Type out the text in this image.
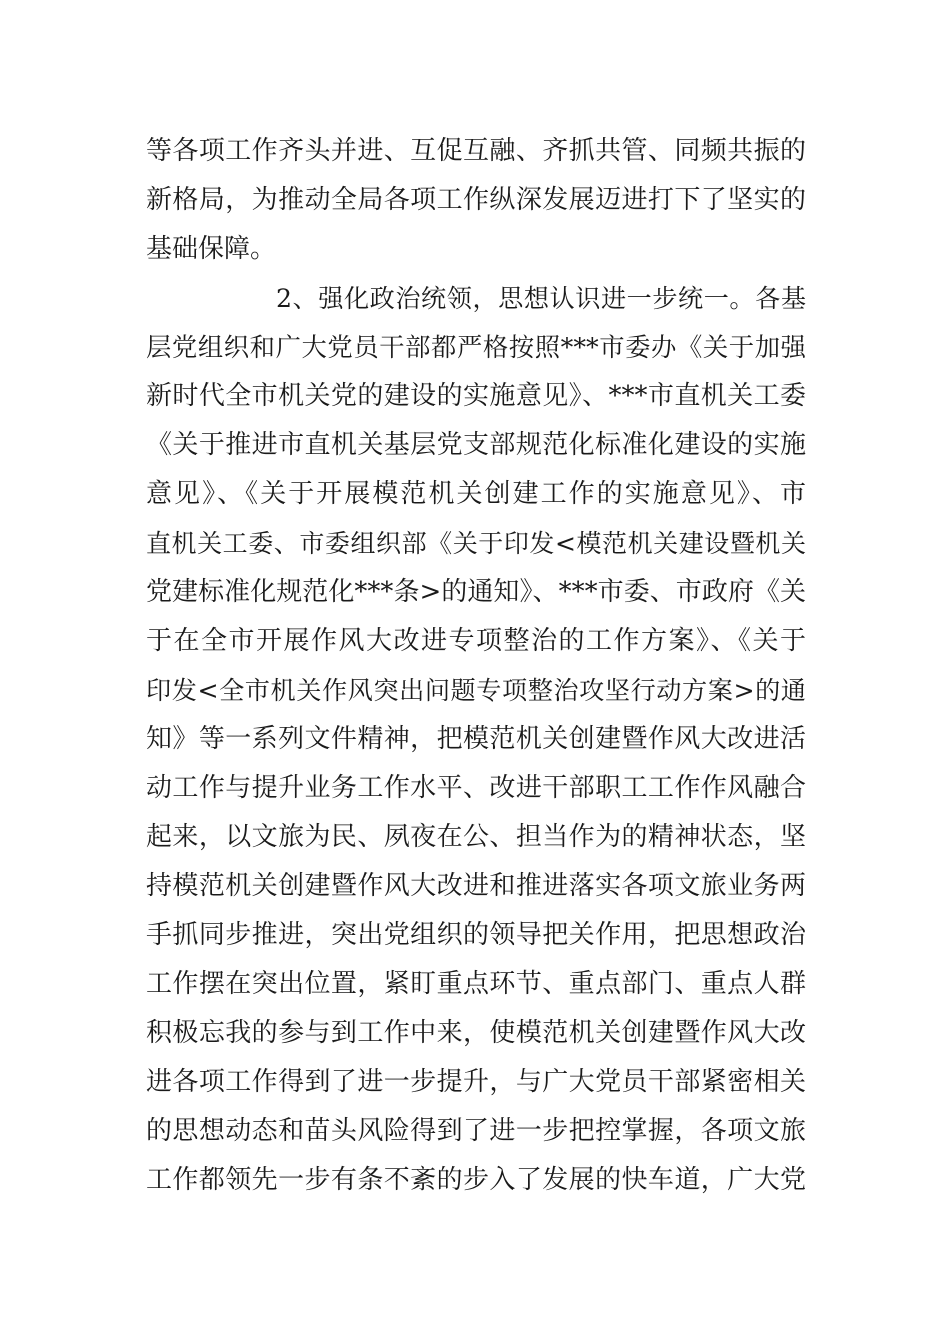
等各项工作齐头并进、互促互融、齐抓共管、同频共振的
新格局，为推动全局各项工作纵深发展迈进打下了坚实的
基础保障。
2、强化政治统领，思想认识进一步统一。各基
层党组织和广大党员干部都严格按照***市委办《关于加强
新时代全市机关党的建设的实施意见》、***市直机关工委
《关于推进市直机关基层党支部规范化标准化建设的实施
意见》、《关于开展模范机关创建工作的实施意见》、市
直机关工委、市委组织部《关于印发<模范机关建设暨机关
党建标准化规范化***条>的通知》、***市委、市政府《关
于在全市开展作风大改进专项整治的工作方案》、《关于
印发<全市机关作风突出问题专项整治攻坚行动方案>的通
知》等一系列文件精神，把模范机关创建暨作风大改进活
动工作与提升业务工作水平、改进干部职工工作作风融合
起来，以文旅为民、夙夜在公、担当作为的精神状态，坚
持模范机关创建暨作风大改进和推进落实各项文旅业务两
手抓同步推进，突出党组织的领导把关作用，把思想政治
工作摆在突出位置，紧盯重点环节、重点部门、重点人群
积极忘我的参与到工作中来，使模范机关创建暨作风大改
进各项工作得到了进一步提升，与广大党员干部紧密相关
的思想动态和苗头风险得到了进一步把控掌握，各项文旅
工作都领先一步有条不紊的步入了发展的快车道，广大党
